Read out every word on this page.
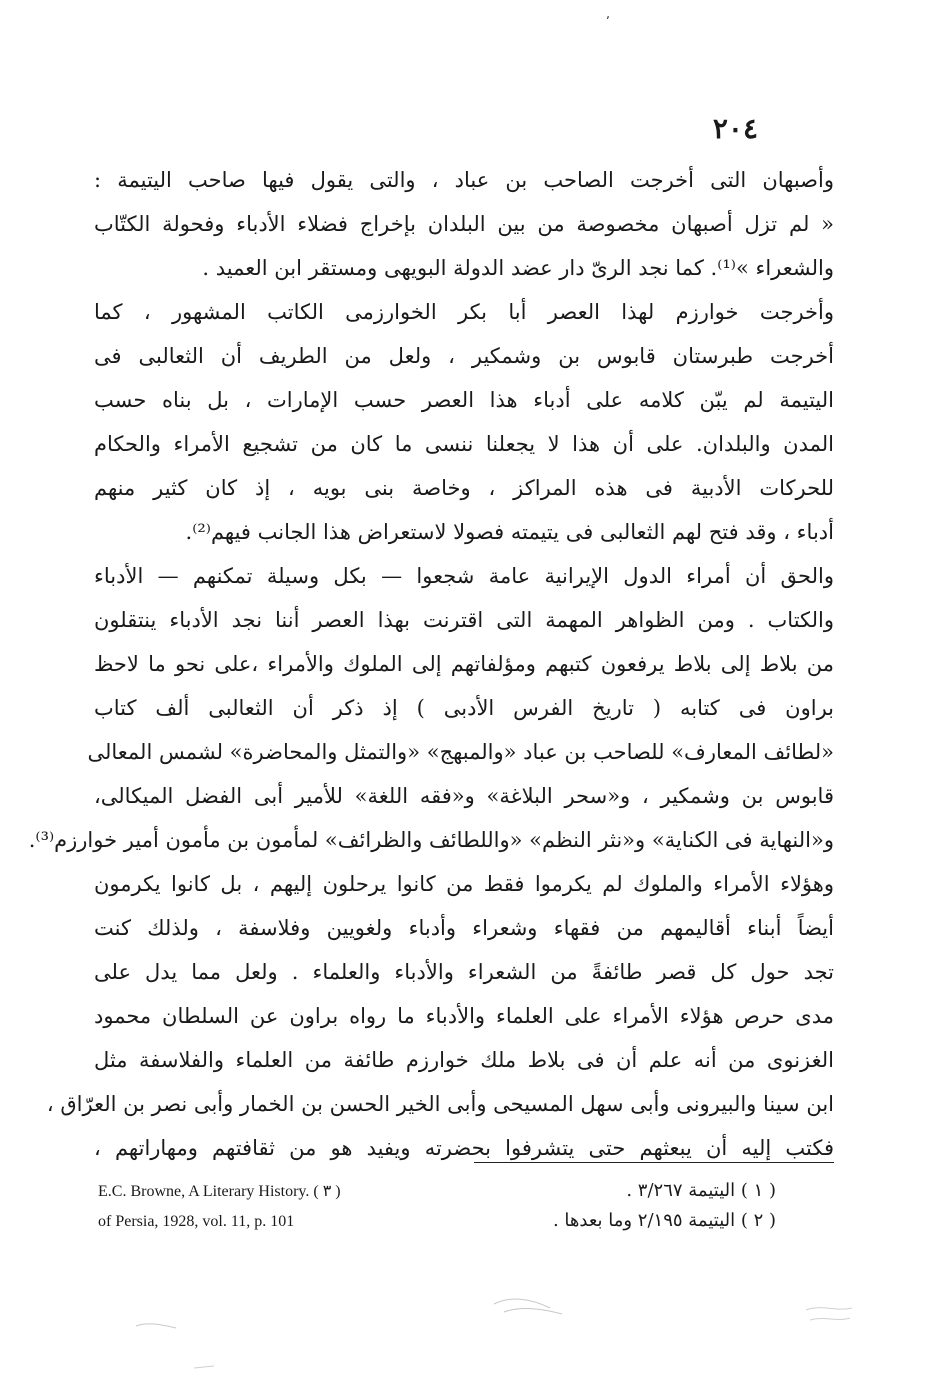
٬
٢٠٤
وأصبهان التى أخرجت الصاحب بن عباد ، والتى يقول فيها صاحب اليتيمة :
« لم تزل أصبهان مخصوصة من بين البلدان بإخراج فضلاء الأدباء وفحولة الكتّاب
والشعراء »⁽¹⁾. كما نجد الرىّ دار عضد الدولة البويهى ومستقر ابن العميد .
وأخرجت خوارزم لهذا العصر أبا بكر الخوارزمى الكاتب المشهور ، كما
أخرجت طبرستان قابوس بن وشمكير ، ولعل من الطريف أن الثعالبى فى
اليتيمة لم يبّن كلامه على أدباء هذا العصر حسب الإمارات ، بل بناه حسب
المدن والبلدان. على أن هذا لا يجعلنا ننسى ما كان من تشجيع الأمراء والحكام
للحركات الأدبية فى هذه المراكز ، وخاصة بنى بويه ، إذ كان كثير منهم
أدباء ، وقد فتح لهم الثعالبى فى يتيمته فصولا لاستعراض هذا الجانب فيهم⁽²⁾.
والحق أن أمراء الدول الإيرانية عامة شجعوا — بكل وسيلة تمكنهم — الأدباء
والكتاب . ومن الظواهر المهمة التى اقترنت بهذا العصر أننا نجد الأدباء ينتقلون
من بلاط إلى بلاط يرفعون كتبهم ومؤلفاتهم إلى الملوك والأمراء ،على نحو ما لاحظ
براون فى كتابه ( تاريخ الفرس الأدبى ) إذ ذكر أن الثعالبى ألف كتاب
«لطائف المعارف» للصاحب بن عباد «والمبهج» «والتمثل والمحاضرة» لشمس المعالى
قابوس بن وشمكير ، و«سحر البلاغة» و«فقه اللغة» للأمير أبى الفضل الميكالى،
و«النهاية فى الكناية» و«نثر النظم» «واللطائف والظرائف» لمأمون بن مأمون أمير خوارزم⁽³⁾.
وهؤلاء الأمراء والملوك لم يكرموا فقط من كانوا يرحلون إليهم ، بل كانوا يكرمون
أيضاً أبناء أقاليمهم من فقهاء وشعراء وأدباء ولغويين وفلاسفة ، ولذلك كنت
تجد حول كل قصر طائفةً من الشعراء والأدباء والعلماء . ولعل مما يدل على
مدى حرص هؤلاء الأمراء على العلماء والأدباء ما رواه براون عن السلطان محمود
الغزنوى من أنه علم أن فى بلاط ملك خوارزم طائفة من العلماء والفلاسفة مثل
ابن سينا والبيرونى وأبى سهل المسيحى وأبى الخير الحسن بن الخمار وأبى نصر بن العرّاق ،
فكتب إليه أن يبعثهم حتى يتشرفوا بحضرته ويفيد هو من ثقافتهم ومهاراتهم ،
( ١ ) اليتيمة ٣/٢٦٧ .
( ٢ ) اليتيمة ٢/١٩٥ وما بعدها .
E.C. Browne, A Literary History. ( ٣ )
of Persia, 1928, vol. 11, p. 101
